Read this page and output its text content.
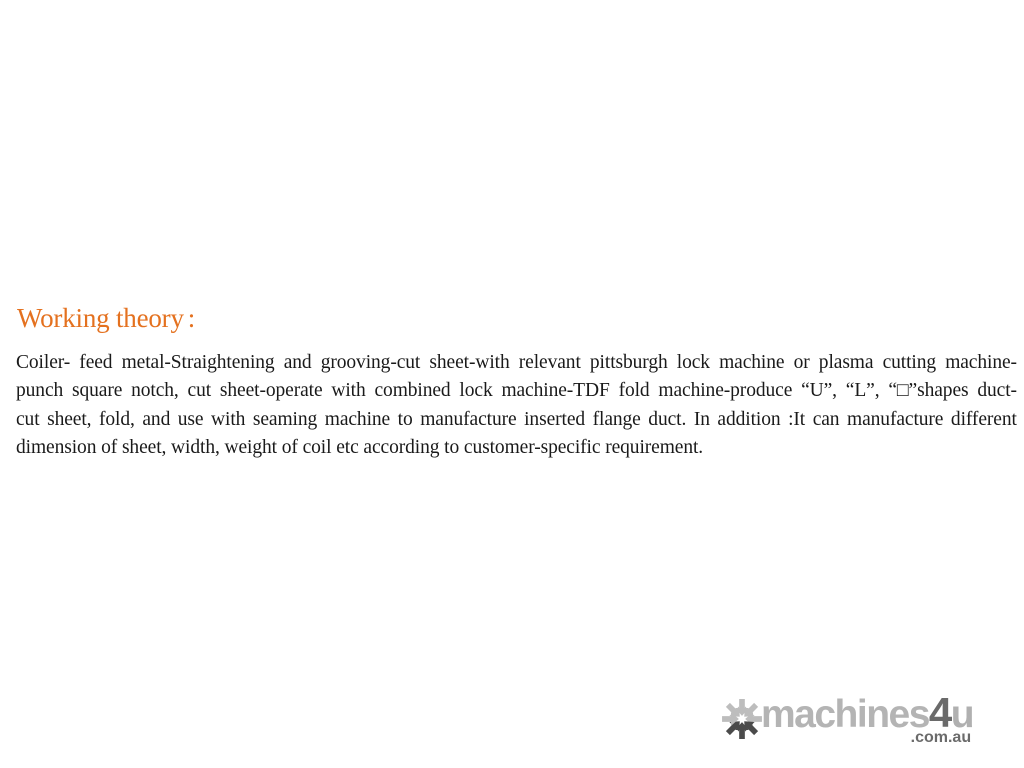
Working theory :
Coiler- feed metal-Straightening and grooving-cut sheet-with relevant pittsburgh lock machine or plasma cutting machine-
punch square notch, cut sheet-operate with combined lock machine-TDF fold machine-produce “U”, “L”, “□”shapes duct-
cut sheet, fold, and use with seaming machine to manufacture inserted flange duct. In addition :It can manufacture different
dimension of sheet, width, weight of coil etc according to customer-specific requirement.
machines4u
.com.au
